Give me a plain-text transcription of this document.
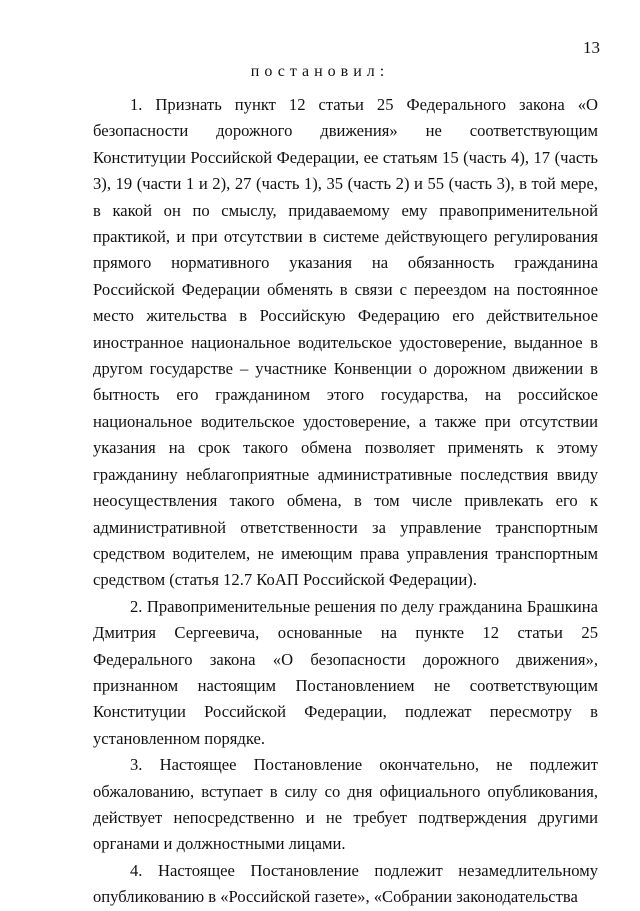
13
постановил:

1. Признать пункт 12 статьи 25 Федерального закона «О безопасности дорожного движения» не соответствующим Конституции Российской Федерации, ее статьям 15 (часть 4), 17 (часть 3), 19 (части 1 и 2), 27 (часть 1), 35 (часть 2) и 55 (часть 3), в той мере, в какой он по смыслу, придаваемому ему правоприменительной практикой, и при отсутствии в системе действующего регулирования прямого нормативного указания на обязанность гражданина Российской Федерации обменять в связи с переездом на постоянное место жительства в Российскую Федерацию его действительное иностранное национальное водительское удостоверение, выданное в другом государстве – участнике Конвенции о дорожном движении в бытность его гражданином этого государства, на российское национальное водительское удостоверение, а также при отсутствии указания на срок такого обмена позволяет применять к этому гражданину неблагоприятные административные последствия ввиду неосуществления такого обмена, в том числе привлекать его к административной ответственности за управление транспортным средством водителем, не имеющим права управления транспортным средством (статья 12.7 КоАП Российской Федерации).

2. Правоприменительные решения по делу гражданина Брашкина Дмитрия Сергеевича, основанные на пункте 12 статьи 25 Федерального закона «О безопасности дорожного движения», признанном настоящим Постановлением не соответствующим Конституции Российской Федерации, подлежат пересмотру в установленном порядке.

3. Настоящее Постановление окончательно, не подлежит обжалованию, вступает в силу со дня официального опубликования, действует непосредственно и не требует подтверждения другими органами и должностными лицами.

4. Настоящее Постановление подлежит незамедлительному опубликованию в «Российской газете», «Собрании законодательства
